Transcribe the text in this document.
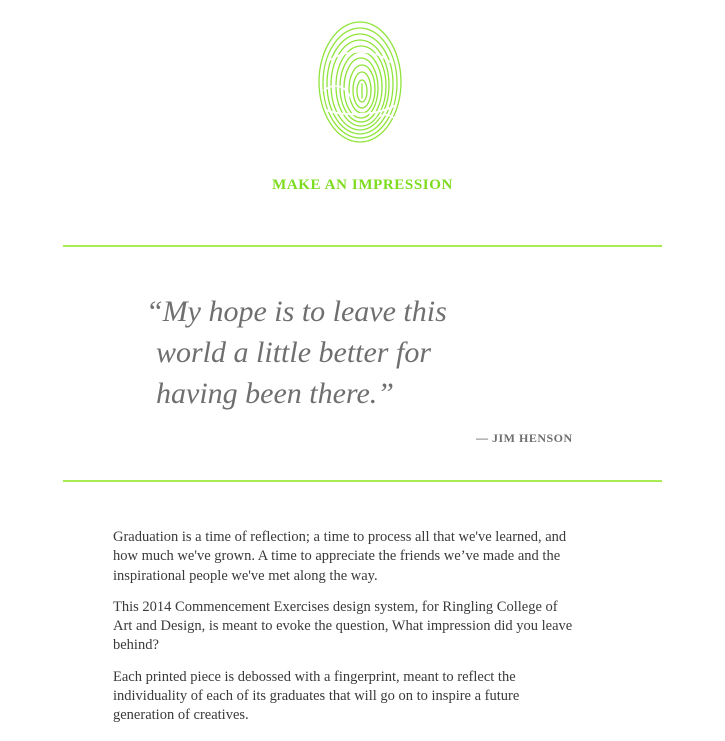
MAKE AN IMPRESSION
“My hope is to leave this
world a little better for
having been there.”
— JIM HENSON

Graduation is a time of reflection; a time to process all that we've learned, and how much we've grown. A time to appreciate the friends we’ve made and the inspirational people we've met along the way.

This 2014 Commencement Exercises design system, for Ringling College of Art and Design, is meant to evoke the question, What impression did you leave behind?

Each printed piece is debossed with a fingerprint, meant to reflect the individuality of each of its graduates that will go on to inspire a future generation of creatives.
